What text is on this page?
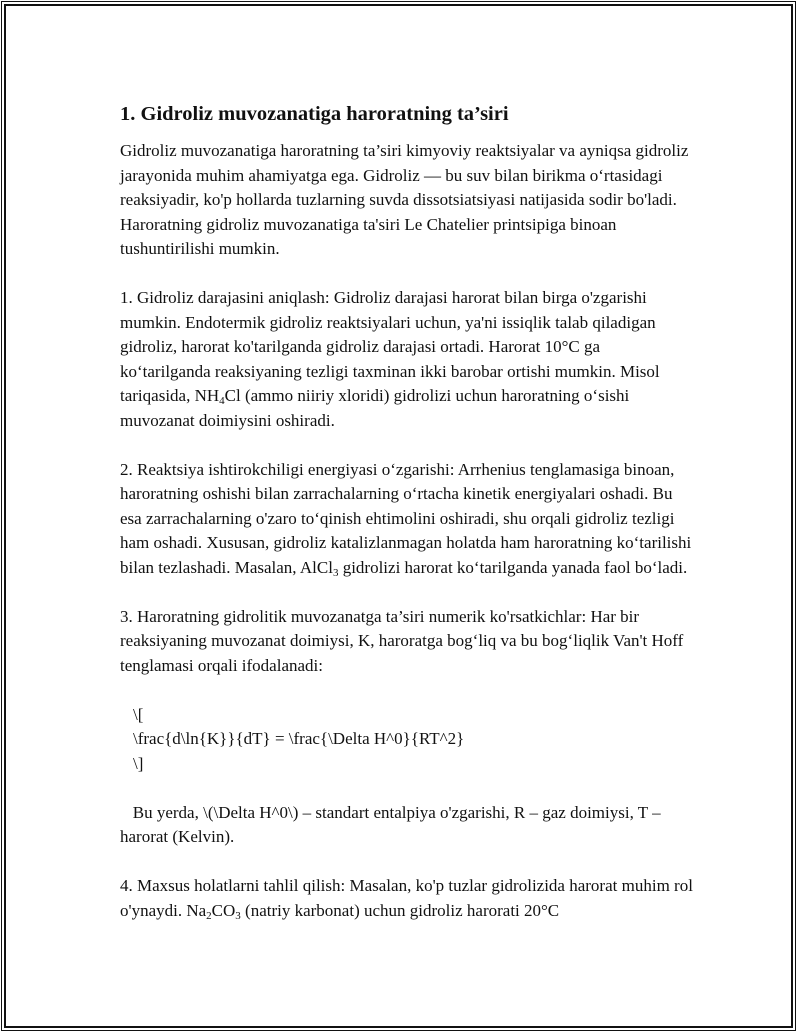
1. Gidroliz muvozanatiga haroratning ta’siri

Gidroliz muvozanatiga haroratning ta’siri kimyoviy reaktsiyalar va ayniqsa gidroliz jarayonida muhim ahamiyatga ega. Gidroliz — bu suv bilan birikma o‘rtasidagi reaksiyadir, ko'p hollarda tuzlarning suvda dissotsiatsiyasi natijasida sodir bo'ladi. Haroratning gidroliz muvozanatiga ta'siri Le Chatelier printsipiga binoan tushuntirilishi mumkin.

1. Gidroliz darajasini aniqlash: Gidroliz darajasi harorat bilan birga o'zgarishi mumkin. Endotermik gidroliz reaktsiyalari uchun, ya'ni issiqlik talab qiladigan gidroliz, harorat ko'tarilganda gidroliz darajasi ortadi. Harorat 10°C ga ko‘tarilganda reaksiyaning tezligi taxminan ikki barobar ortishi mumkin. Misol tariqasida, $NH_4Cl$ (ammo niiriy xloridi) gidrolizi uchun haroratning o‘sishi muvozanat doimiysini oshiradi.

2. Reaktsiya ishtirokchiligi energiyasi o‘zgarishi: Arrhenius tenglamasiga binoan, haroratning oshishi bilan zarrachalarning o‘rtacha kinetik energiyalari oshadi. Bu esa zarrachalarning o'zaro to‘qinish ehtimolini oshiradi, shu orqali gidroliz tezligi ham oshadi. Xususan, gidroliz katalizlanmagan holatda ham haroratning ko‘tarilishi bilan tezlashadi. Masalan, AlCl$_3$ gidrolizi harorat ko‘tarilganda yanada faol bo‘ladi.

3. Haroratning gidrolitik muvozanatga ta’siri numerik ko'rsatkichlar: Har bir reaksiyaning muvozanat doimiysi, K, haroratga bog‘liq va bu bog‘liqlik Van't Hoff tenglamasi orqali ifodalanadi:

\[

\frac{d\ln{K}}{dT} = \frac{\Delta H^0}{RT^2}

\]

Bu yerda, \(\Delta H^0\) – standart entalpiya o'zgarishi, R – gaz doimiysi, T – harorat (Kelvin).

4. Maxsus holatlarni tahlil qilish: Masalan, ko'p tuzlar gidrolizida harorat muhim rol o'ynaydi. $Na_2CO_3$ (natriy karbonat) uchun gidroliz harorati 20°C
